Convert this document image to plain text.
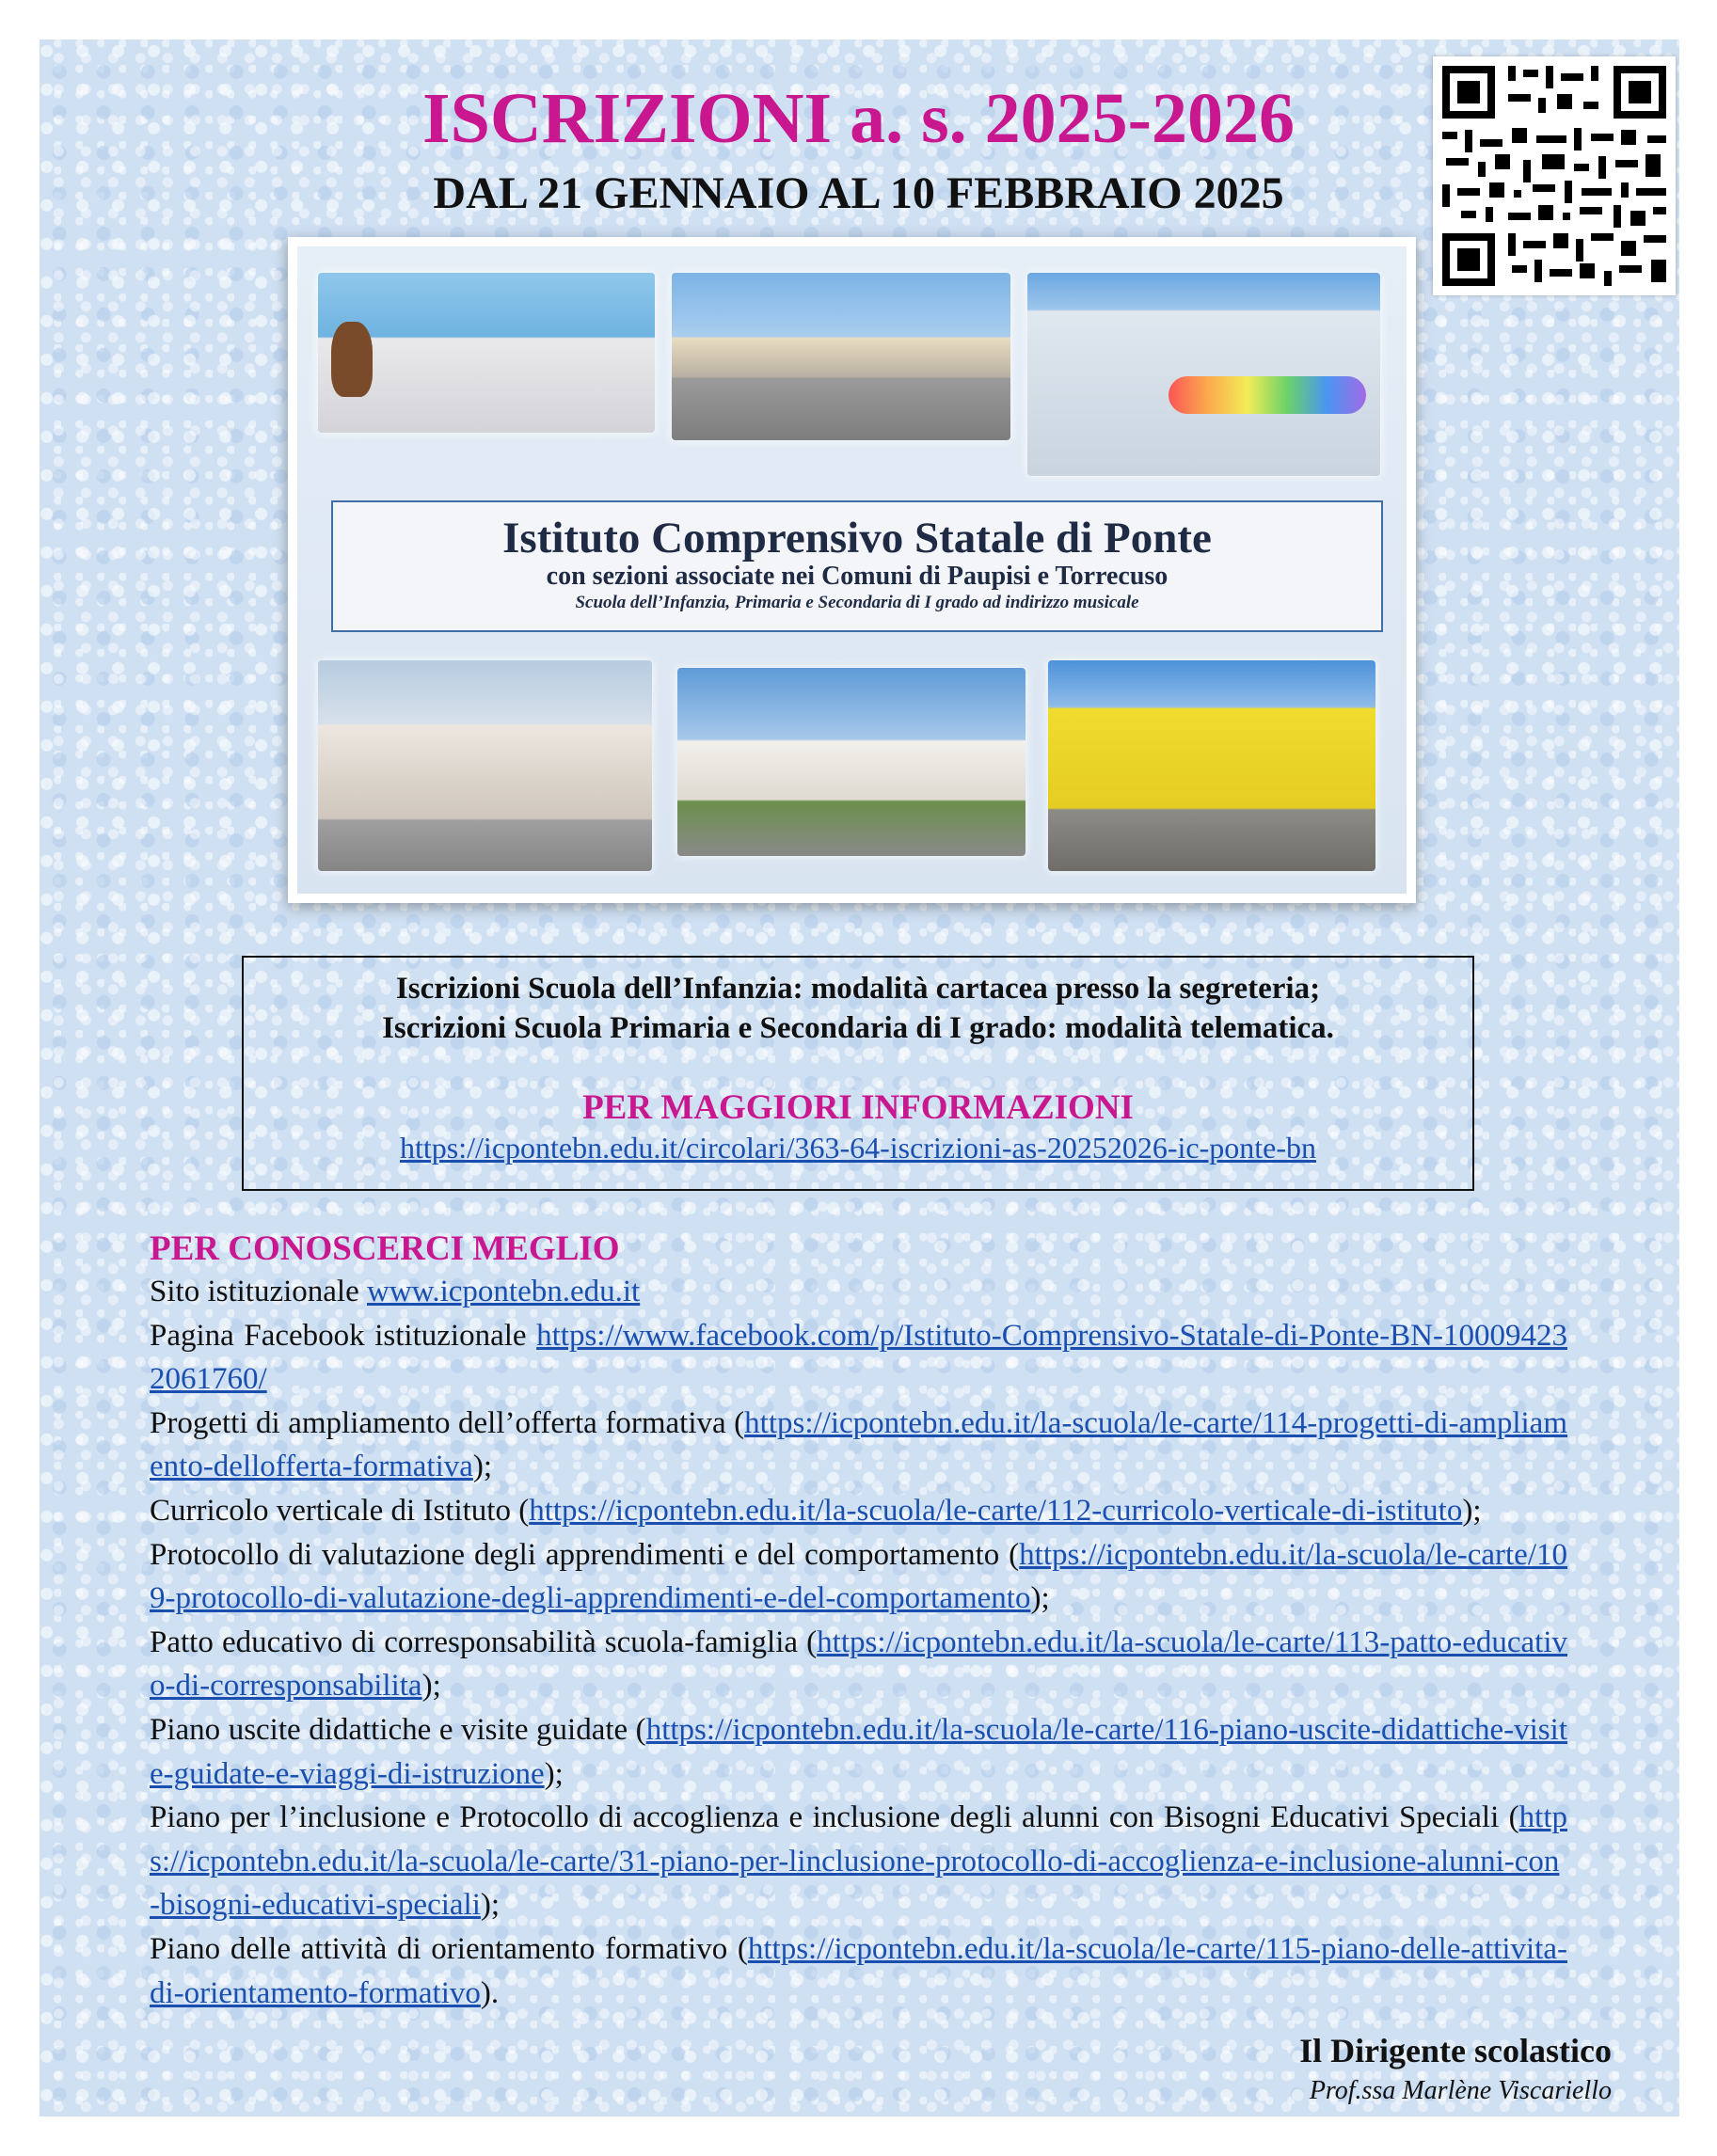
ISCRIZIONI a. s. 2025-2026
DAL 21 GENNAIO AL 10 FEBBRAIO 2025
Istituto Comprensivo Statale di Ponte
con sezioni associate nei Comuni di Paupisi e Torrecuso
Scuola dell’Infanzia, Primaria e Secondaria di I grado ad indirizzo musicale
Iscrizioni Scuola dell’Infanzia: modalità cartacea presso la segreteria;
Iscrizioni Scuola Primaria e Secondaria di I grado: modalità telematica.
PER MAGGIORI INFORMAZIONI
https://icpontebn.edu.it/circolari/363-64-iscrizioni-as-20252026-ic-ponte-bn
PER CONOSCERCI MEGLIO

Sito istituzionale www.icpontebn.edu.it

Pagina Facebook istituzionale https://www.facebook.com/p/Istituto-Comprensivo-Statale-di-Ponte-BN-100094232061760/

Progetti di ampliamento dell’offerta formativa (https://icpontebn.edu.it/la-scuola/le-carte/114-progetti-di-ampliamento-dellofferta-formativa);

Curricolo verticale di Istituto (https://icpontebn.edu.it/la-scuola/le-carte/112-curricolo-verticale-di-istituto);

Protocollo di valutazione degli apprendimenti e del comportamento (https://icpontebn.edu.it/la-scuola/le-carte/109-protocollo-di-valutazione-degli-apprendimenti-e-del-comportamento);

Patto educativo di corresponsabilità scuola-famiglia (https://icpontebn.edu.it/la-scuola/le-carte/113-patto-educativo-di-corresponsabilita);

Piano uscite didattiche e visite guidate (https://icpontebn.edu.it/la-scuola/le-carte/116-piano-uscite-didattiche-visite-guidate-e-viaggi-di-istruzione);

Piano per l’inclusione e Protocollo di accoglienza e inclusione degli alunni con Bisogni Educativi Speciali (https://icpontebn.edu.it/la-scuola/le-carte/31-piano-per-linclusione-protocollo-di-accoglienza-e-inclusione-alunni-con-bisogni-educativi-speciali);

Piano delle attività di orientamento formativo (https://icpontebn.edu.it/la-scuola/le-carte/115-piano-delle-attivita-di-orientamento-formativo).

Il Dirigente scolastico
Prof.ssa Marlène Viscariello
